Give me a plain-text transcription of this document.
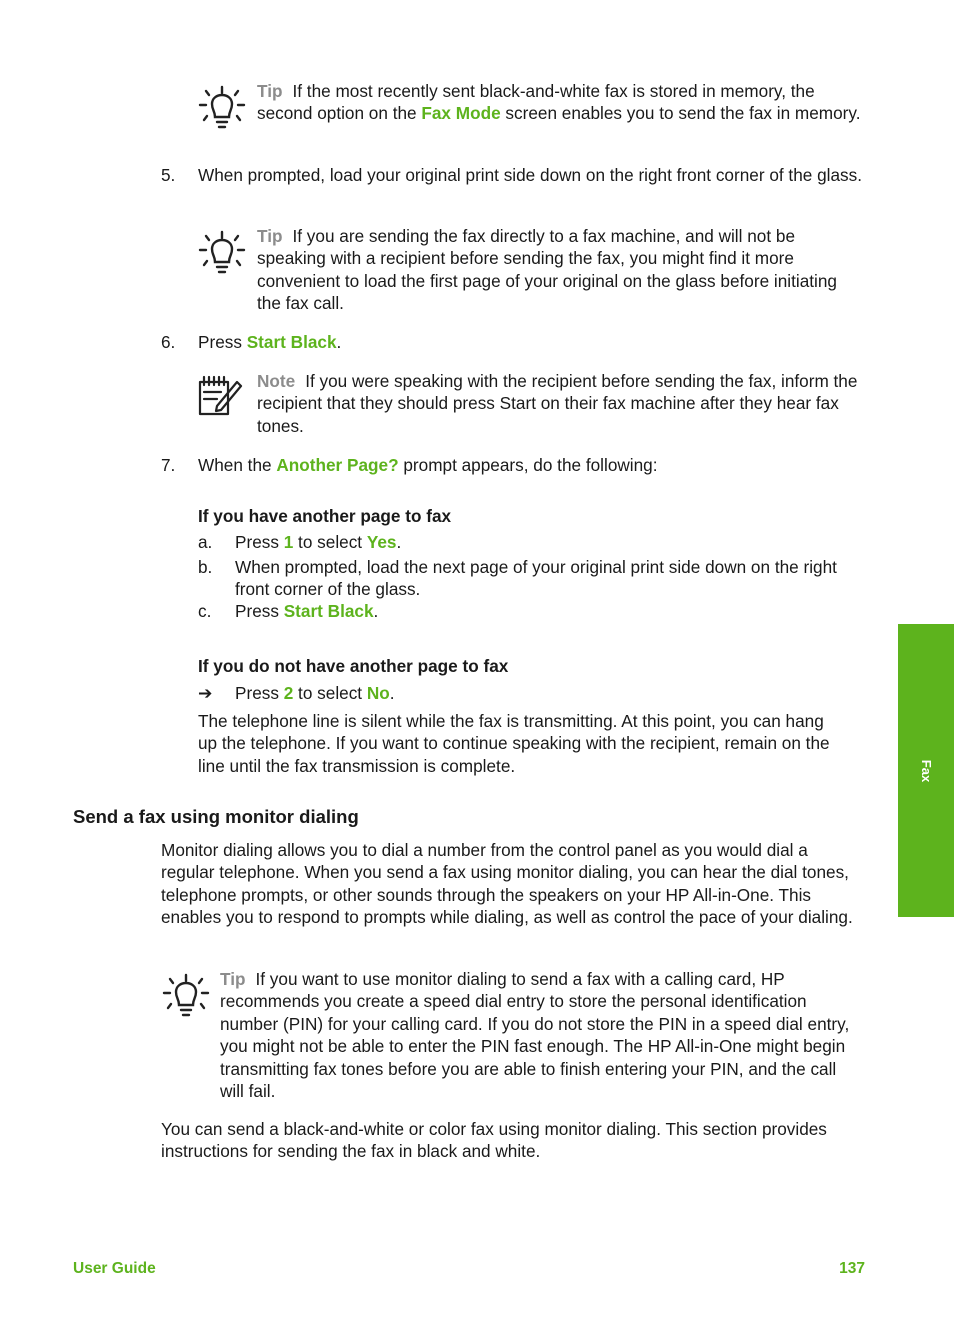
Tip If the most recently sent black-and-white fax is stored in memory, the second option on the Fax Mode screen enables you to send the fax in memory.
5. When prompted, load your original print side down on the right front corner of the glass.
Tip If you are sending the fax directly to a fax machine, and will not be speaking with a recipient before sending the fax, you might find it more convenient to load the first page of your original on the glass before initiating the fax call.
6. Press Start Black.
Note If you were speaking with the recipient before sending the fax, inform the recipient that they should press Start on their fax machine after they hear fax tones.
7. When the Another Page? prompt appears, do the following:
If you have another page to fax
a. Press 1 to select Yes.
b. When prompted, load the next page of your original print side down on the right front corner of the glass.
c. Press Start Black.
If you do not have another page to fax
➔ Press 2 to select No.
The telephone line is silent while the fax is transmitting. At this point, you can hang up the telephone. If you want to continue speaking with the recipient, remain on the line until the fax transmission is complete.
Send a fax using monitor dialing
Monitor dialing allows you to dial a number from the control panel as you would dial a regular telephone. When you send a fax using monitor dialing, you can hear the dial tones, telephone prompts, or other sounds through the speakers on your HP All-in-One. This enables you to respond to prompts while dialing, as well as control the pace of your dialing.
Tip If you want to use monitor dialing to send a fax with a calling card, HP recommends you create a speed dial entry to store the personal identification number (PIN) for your calling card. If you do not store the PIN in a speed dial entry, you might not be able to enter the PIN fast enough. The HP All-in-One might begin transmitting fax tones before you are able to finish entering your PIN, and the call will fail.
You can send a black-and-white or color fax using monitor dialing. This section provides instructions for sending the fax in black and white.
Fax
User Guide	137
